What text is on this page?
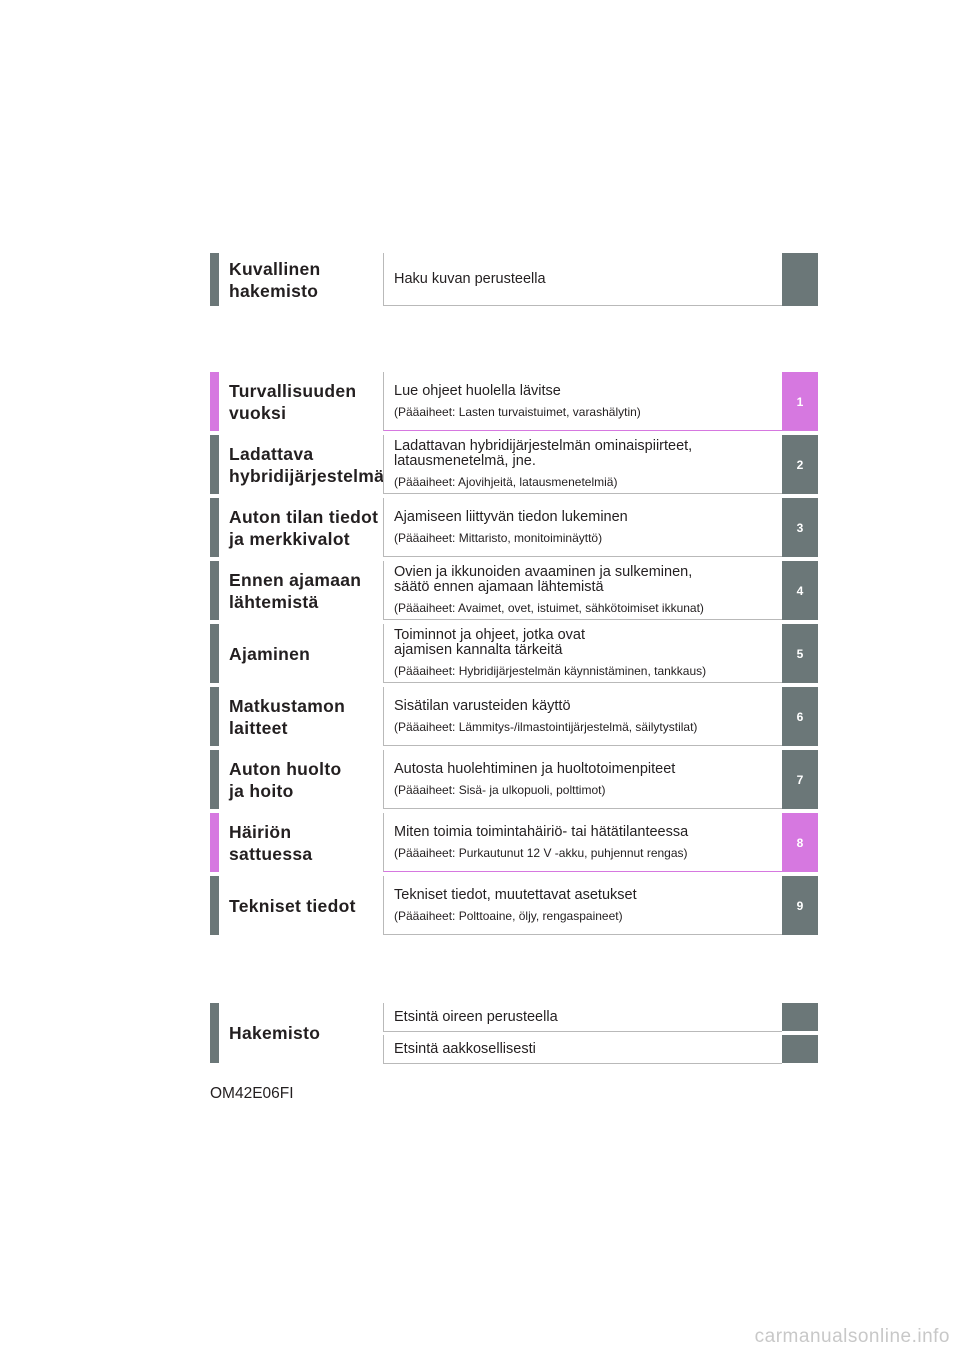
Kuvallinen
hakemisto
Haku kuvan perusteella
Turvallisuuden
vuoksi
Lue ohjeet huolella lävitse
(Pääaiheet: Lasten turvaistuimet, varashälytin)
1
Ladattava
hybridijärjestelmä
Ladattavan hybridijärjestelmän ominaispiirteet,
latausmenetelmä, jne.
(Pääaiheet: Ajovihjeitä, latausmenetelmiä)
2
Auton tilan tiedot
ja merkkivalot
Ajamiseen liittyvän tiedon lukeminen
(Pääaiheet: Mittaristo, monitoiminäyttö)
3
Ennen ajamaan
lähtemistä
Ovien ja ikkunoiden avaaminen ja sulkeminen,
säätö ennen ajamaan lähtemistä
(Pääaiheet: Avaimet, ovet, istuimet, sähkötoimiset ikkunat)
4
Ajaminen
Toiminnot ja ohjeet, jotka ovat
ajamisen kannalta tärkeitä
(Pääaiheet: Hybridijärjestelmän käynnistäminen, tankkaus)
5
Matkustamon
laitteet
Sisätilan varusteiden käyttö
(Pääaiheet: Lämmitys-/ilmastointijärjestelmä, säilytystilat)
6
Auton huolto
ja hoito
Autosta huolehtiminen ja huoltotoimenpiteet
(Pääaiheet: Sisä- ja ulkopuoli, polttimot)
7
Häiriön
sattuessa
Miten toimia toimintahäiriö- tai hätätilanteessa
(Pääaiheet: Purkautunut 12 V -akku, puhjennut rengas)
8
Tekniset tiedot
Tekniset tiedot, muutettavat asetukset
(Pääaiheet: Polttoaine, öljy, rengaspaineet)
9
Hakemisto
Etsintä oireen perusteella
Etsintä aakkosellisesti
OM42E06FI
carmanualsonline.info
